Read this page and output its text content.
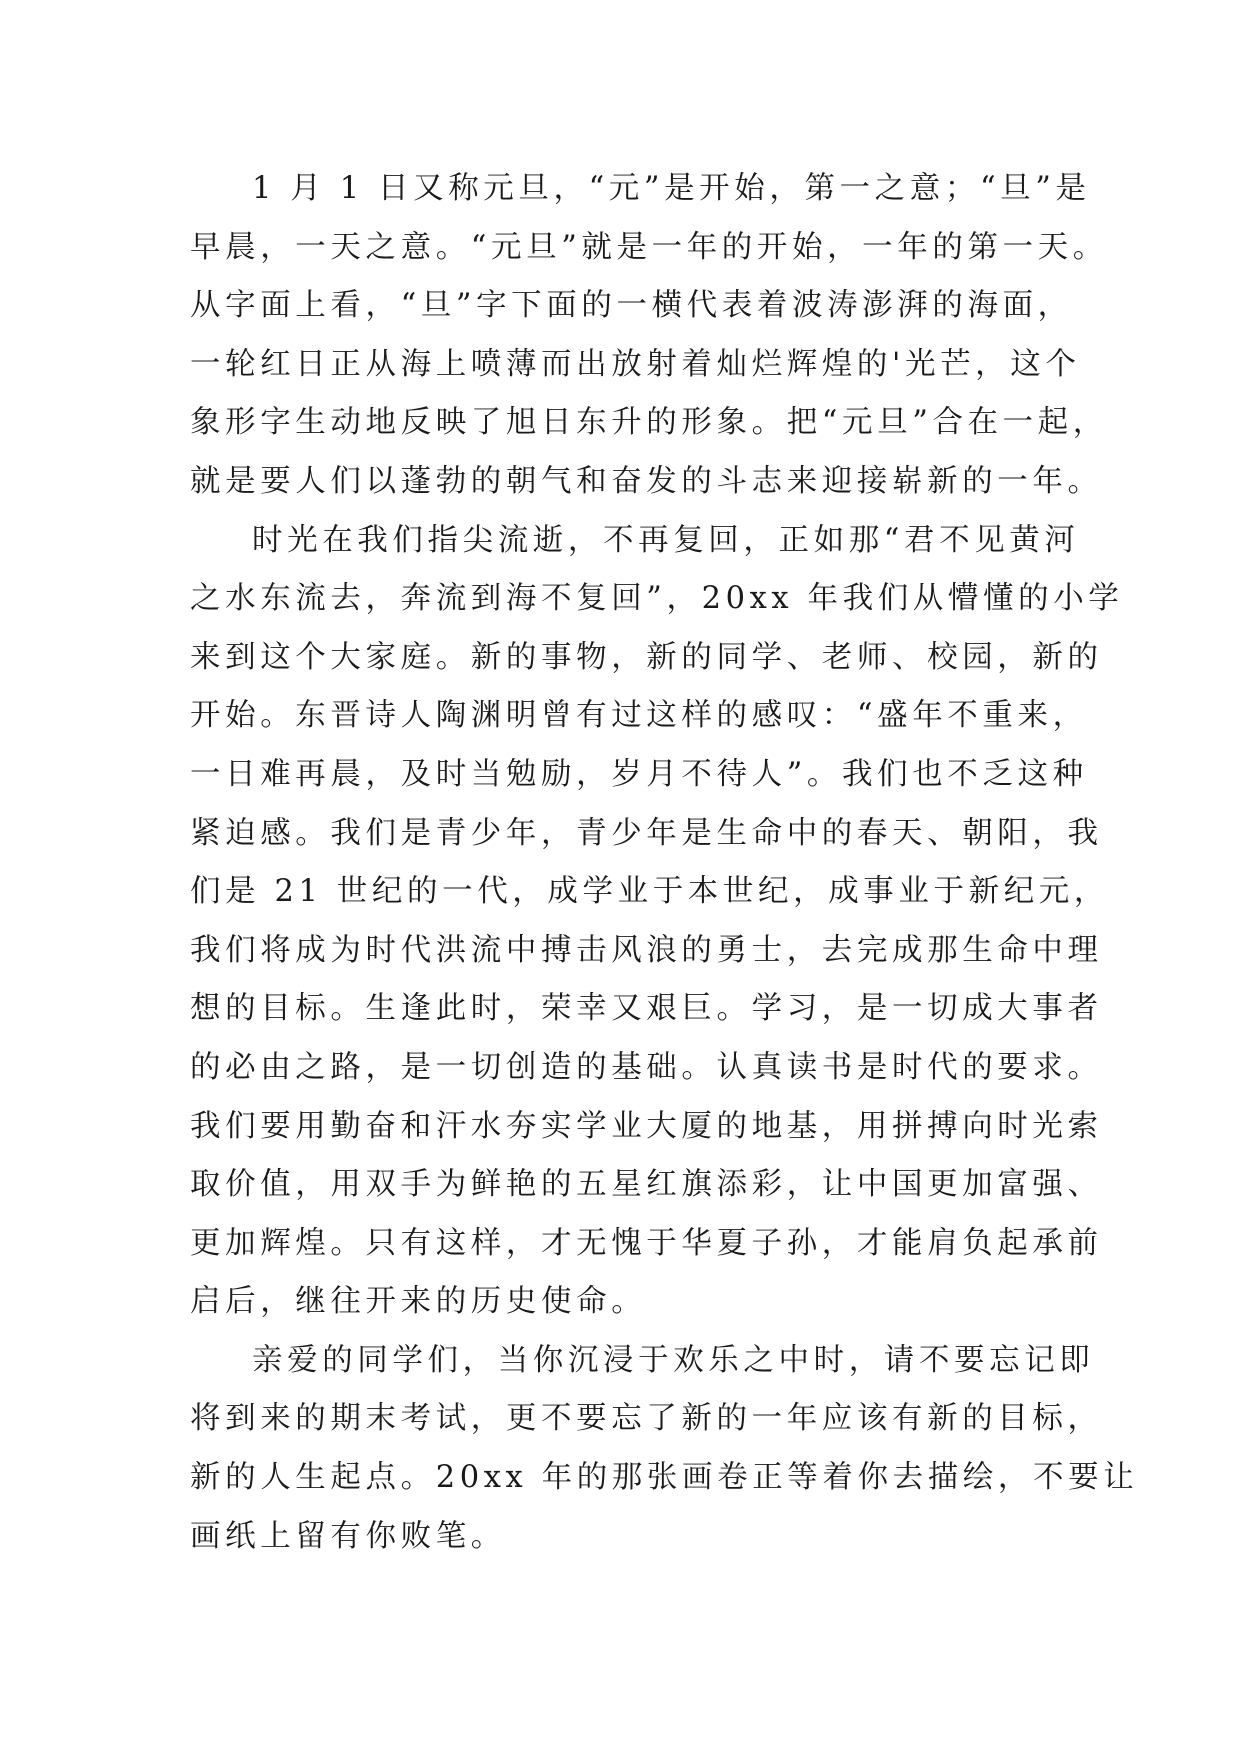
1 月 1 日又称元旦，“元”是开始，第一之意；“旦”是
早晨，一天之意。“元旦”就是一年的开始，一年的第一天。
从字面上看，“旦”字下面的一横代表着波涛澎湃的海面，
一轮红日正从海上喷薄而出放射着灿烂辉煌的'光芒，这个
象形字生动地反映了旭日东升的形象。把“元旦”合在一起，
就是要人们以蓬勃的朝气和奋发的斗志来迎接崭新的一年。
时光在我们指尖流逝，不再复回，正如那“君不见黄河
之水东流去，奔流到海不复回”，20xx 年我们从懵懂的小学
来到这个大家庭。新的事物，新的同学、老师、校园，新的
开始。东晋诗人陶渊明曾有过这样的感叹：“盛年不重来，
一日难再晨，及时当勉励，岁月不待人”。我们也不乏这种
紧迫感。我们是青少年，青少年是生命中的春天、朝阳，我
们是 21 世纪的一代，成学业于本世纪，成事业于新纪元，
我们将成为时代洪流中搏击风浪的勇士，去完成那生命中理
想的目标。生逢此时，荣幸又艰巨。学习，是一切成大事者
的必由之路，是一切创造的基础。认真读书是时代的要求。
我们要用勤奋和汗水夯实学业大厦的地基，用拼搏向时光索
取价值，用双手为鲜艳的五星红旗添彩，让中国更加富强、
更加辉煌。只有这样，才无愧于华夏子孙，才能肩负起承前
启后，继往开来的历史使命。
亲爱的同学们，当你沉浸于欢乐之中时，请不要忘记即
将到来的期末考试，更不要忘了新的一年应该有新的目标，
新的人生起点。20xx 年的那张画卷正等着你去描绘，不要让
画纸上留有你败笔。
